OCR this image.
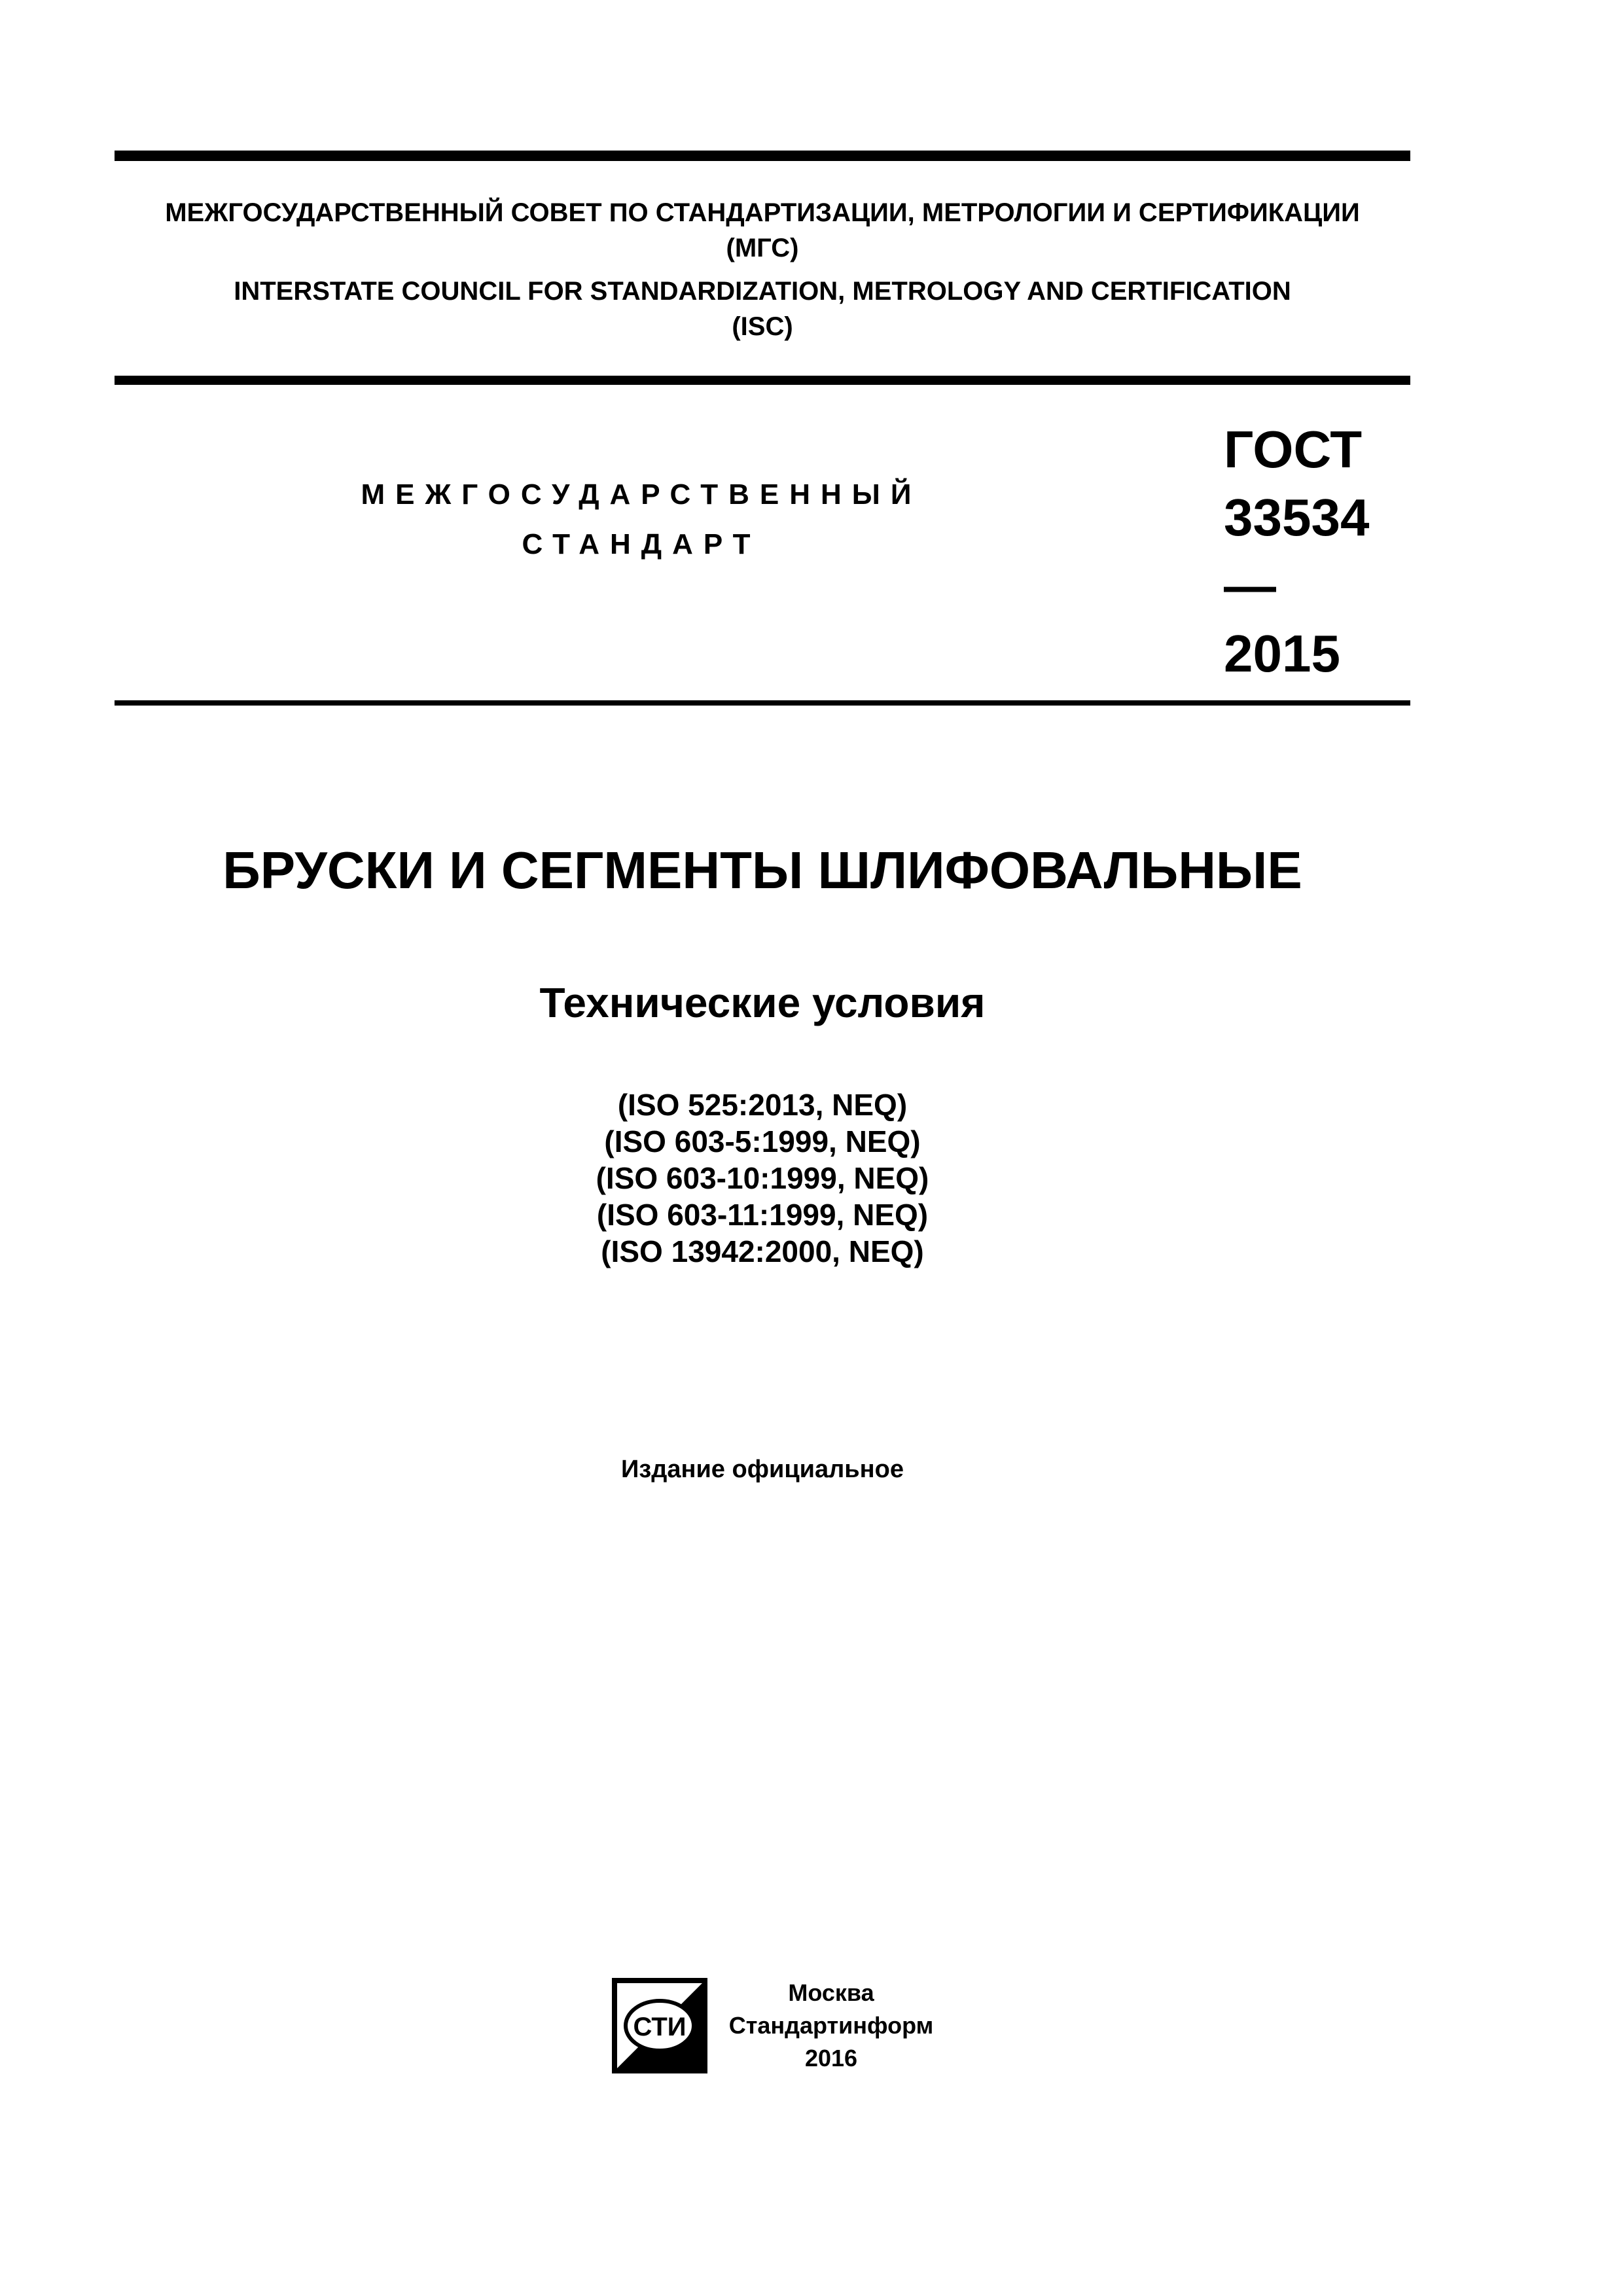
МЕЖГОСУДАРСТВЕННЫЙ СОВЕТ ПО СТАНДАРТИЗАЦИИ, МЕТРОЛОГИИ И СЕРТИФИКАЦИИ
(МГС)
INTERSTATE COUNCIL FOR STANDARDIZATION, METROLOGY AND CERTIFICATION
(ISC)
МЕЖГОСУДАРСТВЕННЫЙ
СТАНДАРТ
ГОСТ
33534—
2015
БРУСКИ И СЕГМЕНТЫ ШЛИФОВАЛЬНЫЕ
Технические условия
(ISO 525:2013, NEQ)
(ISO 603-5:1999, NEQ)
(ISO 603-10:1999, NEQ)
(ISO 603-11:1999, NEQ)
(ISO 13942:2000, NEQ)
Издание официальное
СТИ
Москва
Стандартинформ
2016
